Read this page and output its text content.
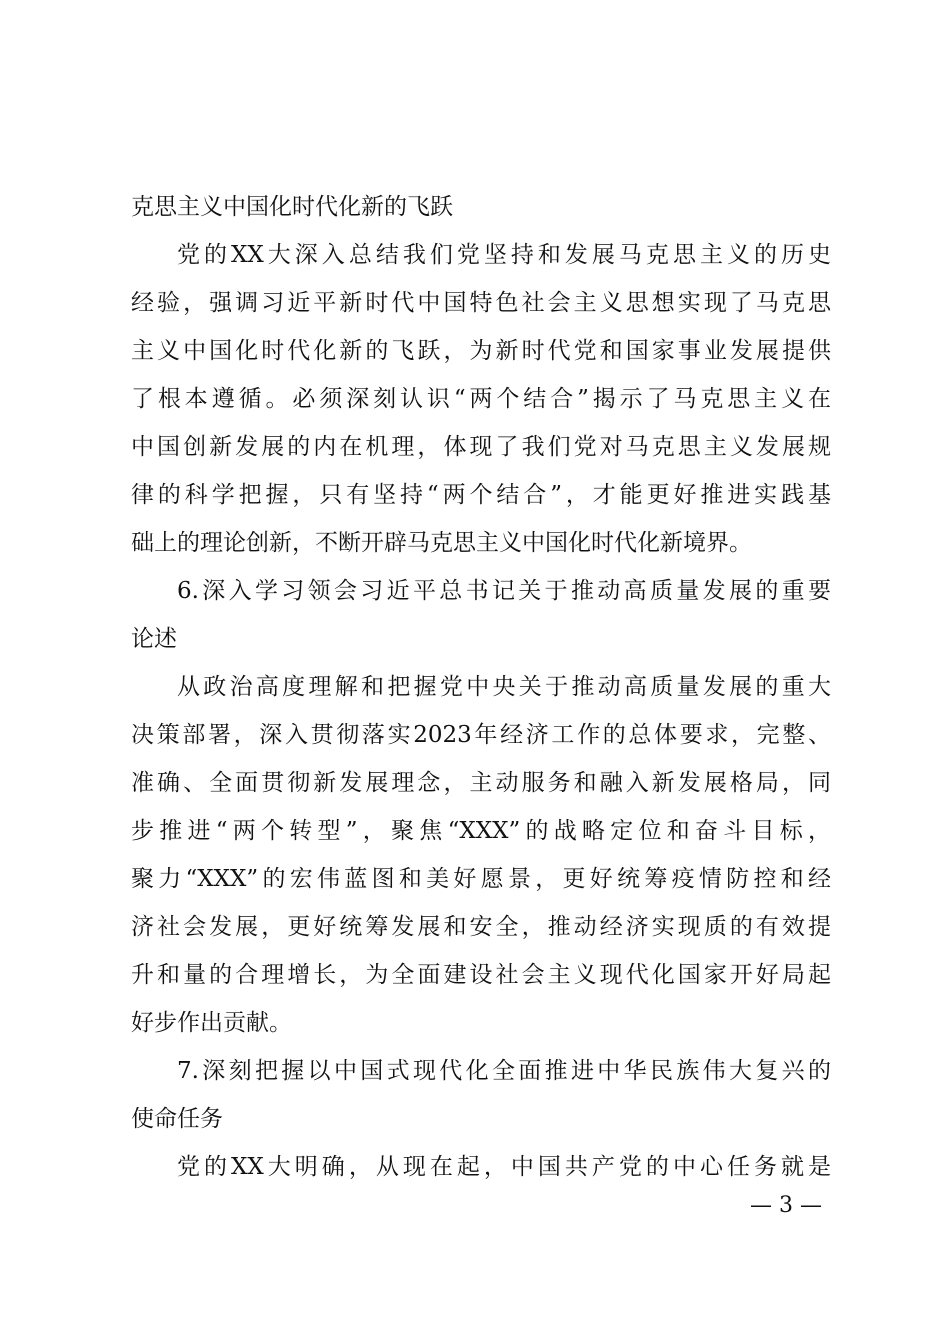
克思主义中国化时代化新的飞跃
党的XX大深入总结我们党坚持和发展马克思主义的历史
经验，强调习近平新时代中国特色社会主义思想实现了马克思
主义中国化时代化新的飞跃，为新时代党和国家事业发展提供
了根本遵循。必须深刻认识“两个结合”揭示了马克思主义在
中国创新发展的内在机理，体现了我们党对马克思主义发展规
律的科学把握，只有坚持“两个结合”，才能更好推进实践基
础上的理论创新，不断开辟马克思主义中国化时代化新境界。
6.深入学习领会习近平总书记关于推动高质量发展的重要
论述
从政治高度理解和把握党中央关于推动高质量发展的重大
决策部署，深入贯彻落实2023年经济工作的总体要求，完整、
准确、全面贯彻新发展理念，主动服务和融入新发展格局，同
步推进“两个转型”，聚焦“XXX”的战略定位和奋斗目标，
聚力“XXX”的宏伟蓝图和美好愿景，更好统筹疫情防控和经
济社会发展，更好统筹发展和安全，推动经济实现质的有效提
升和量的合理增长，为全面建设社会主义现代化国家开好局起
好步作出贡献。
7.深刻把握以中国式现代化全面推进中华民族伟大复兴的
使命任务
党的XX大明确，从现在起，中国共产党的中心任务就是
— 3 —
